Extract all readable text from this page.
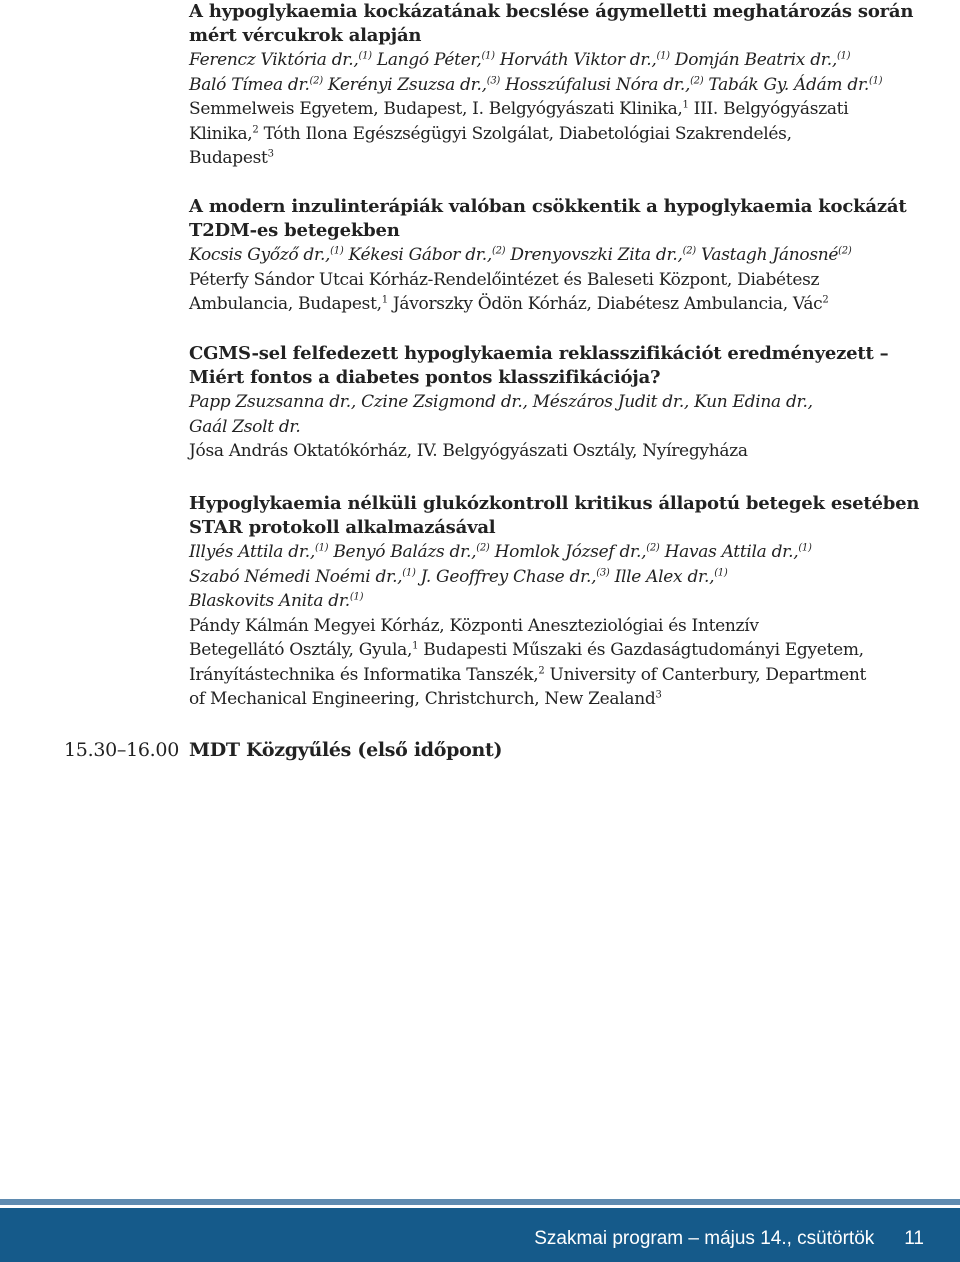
A hypoglykaemia kockázatának becslése ágymelletti meghatározás során
mért vércukrok alapján
Ferencz Viktória dr.,$^{(1)}$ Langó Péter,$^{(1)}$ Horváth Viktor dr.,$^{(1)}$ Domján Beatrix dr.,$^{(1)}$
Baló Tímea dr.$^{(2)}$ Kerényi Zsuzsa dr.,$^{(3)}$ Hosszúfalusi Nóra dr.,$^{(2)}$ Tabák Gy. Ádám dr.$^{(1)}$
Semmelweis Egyetem, Budapest, I. Belgyógyászati Klinika,$^1$ III. Belgyógyászati
Klinika,$^2$ Tóth Ilona Egészségügyi Szolgálat, Diabetológiai Szakrendelés,
Budapest$^3$
A modern inzulinterápiák valóban csökkentik a hypoglykaemia kockázát
T2DM-es betegekben
Kocsis Győző dr.,$^{(1)}$ Kékesi Gábor dr.,$^{(2)}$ Drenyovszki Zita dr.,$^{(2)}$ Vastagh Jánosné$^{(2)}$
Péterfy Sándor Utcai Kórház-Rendelőintézet és Baleseti Központ, Diabétesz
Ambulancia, Budapest,$^1$ Jávorszky Ödön Kórház, Diabétesz Ambulancia, Vác$^2$
CGMS-sel felfedezett hypoglykaemia reklasszifikációt eredményezett –
Miért fontos a diabetes pontos klasszifikációja?
Papp Zsuzsanna dr., Czine Zsigmond dr., Mészáros Judit dr., Kun Edina dr.,
Gaál Zsolt dr.
Jósa András Oktatókórház, IV. Belgyógyászati Osztály, Nyíregyháza
Hypoglykaemia nélküli glukózkontroll kritikus állapotú betegek esetében
STAR protokoll alkalmazásával
Illyés Attila dr.,$^{(1)}$ Benyó Balázs dr.,$^{(2)}$ Homlok József dr.,$^{(2)}$ Havas Attila dr.,$^{(1)}$
Szabó Némedi Noémi dr.,$^{(1)}$ J. Geoffrey Chase dr.,$^{(3)}$ Ille Alex dr.,$^{(1)}$
Blaskovits Anita dr.$^{(1)}$
Pándy Kálmán Megyei Kórház, Központi Aneszteziológiai és Intenzív
Betegellátó Osztály, Gyula,$^1$ Budapesti Műszaki és Gazdaságtudományi Egyetem,
Irányítástechnika és Informatika Tanszék,$^2$ University of Canterbury, Department
of Mechanical Engineering, Christchurch, New Zealand$^3$
15.30–16.00 MDT Közgyűlés (első időpont)
Szakmai program – május 14., csütörtök 11
